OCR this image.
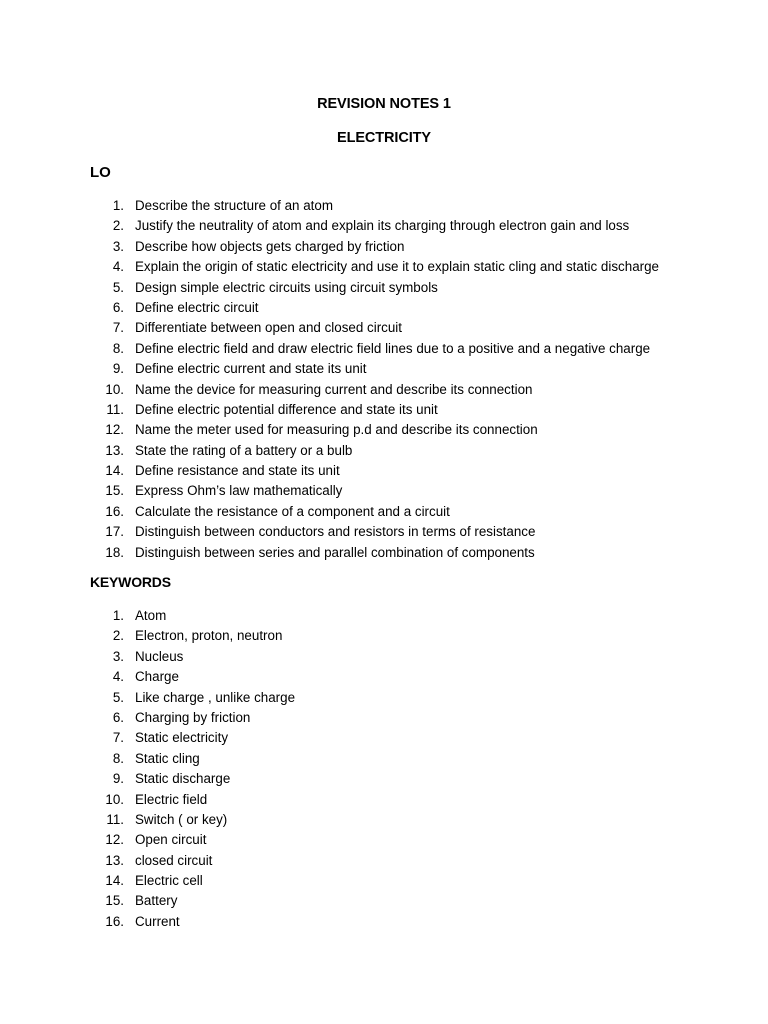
REVISION NOTES 1
ELECTRICITY
LO
1. Describe the structure of an atom
2. Justify the neutrality of atom and explain its charging through electron gain and loss
3. Describe how objects gets charged by friction
4. Explain the origin of static electricity and use it to explain static cling and static discharge
5. Design simple electric circuits using circuit symbols
6. Define electric circuit
7. Differentiate between open and closed circuit
8. Define electric field and draw electric field lines due to a positive and a negative charge
9. Define electric current and state its unit
10. Name the device for measuring current and describe its connection
11. Define electric potential difference and state its unit
12. Name the meter used for measuring p.d and describe its connection
13. State the rating of a battery or a bulb
14. Define resistance and state its unit
15. Express Ohm’s law mathematically
16. Calculate the resistance of a component and a circuit
17. Distinguish between conductors and resistors in terms of resistance
18. Distinguish between series and parallel combination of components
KEYWORDS
1. Atom
2. Electron, proton, neutron
3. Nucleus
4. Charge
5. Like charge , unlike charge
6. Charging by friction
7. Static electricity
8. Static cling
9. Static discharge
10. Electric field
11. Switch ( or key)
12. Open circuit
13. closed circuit
14. Electric cell
15. Battery
16. Current
